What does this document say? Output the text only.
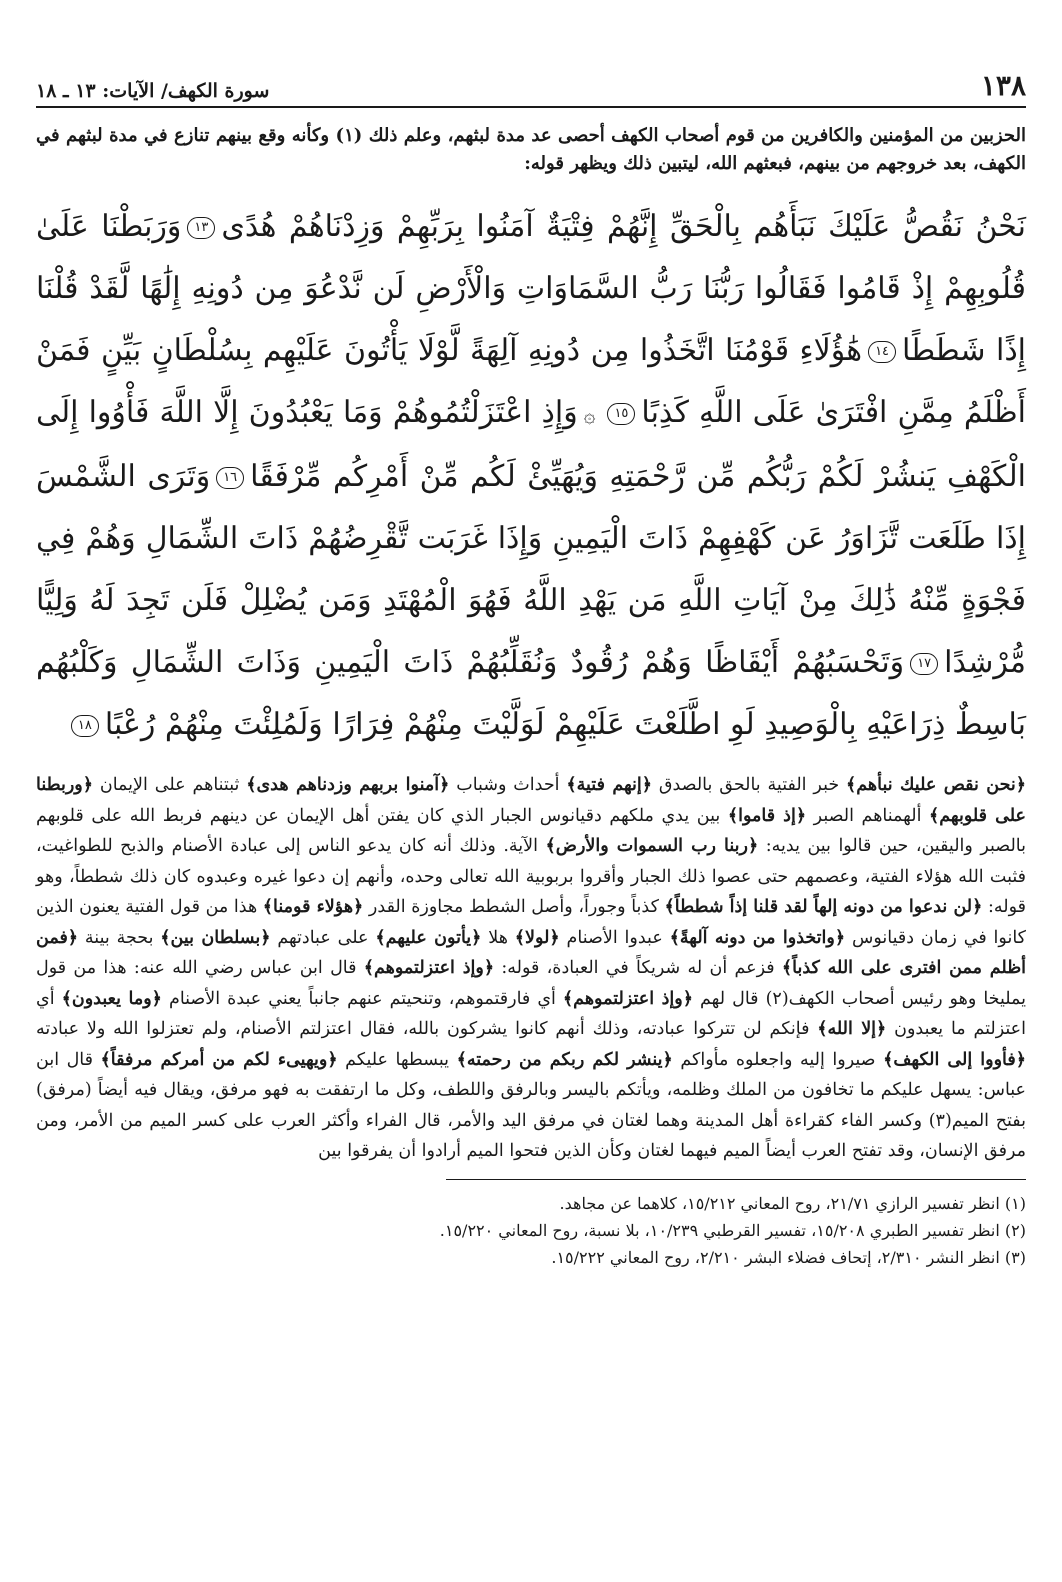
١٣٨
سورة الكهف/ الآيات: ١٣ ـ ١٨

الحزبين من المؤمنين والكافرين من قوم أصحاب الكهف أحصى عد مدة لبثهم، وعلم ذلك (١) وكأنه وقع بينهم تنازع في مدة لبثهم في الكهف، بعد خروجهم من بينهم، فبعثهم الله، ليتبين ذلك ويظهر قوله:

نَحْنُ نَقُصُّ عَلَيْكَ نَبَأَهُم بِالْحَقِّ إِنَّهُمْ فِتْيَةٌ آمَنُوا بِرَبِّهِمْ وَزِدْنَاهُمْ هُدًى١٣وَرَبَطْنَا عَلَىٰ قُلُوبِهِمْ إِذْ قَامُوا فَقَالُوا رَبُّنَا رَبُّ السَّمَاوَاتِ وَالْأَرْضِ لَن نَّدْعُوَ مِن دُونِهِ إِلَٰهًا لَّقَدْ قُلْنَا إِذًا شَطَطًا١٤هَٰؤُلَاءِ قَوْمُنَا اتَّخَذُوا مِن دُونِهِ آلِهَةً لَّوْلَا يَأْتُونَ عَلَيْهِم بِسُلْطَانٍ بَيِّنٍ فَمَنْ أَظْلَمُ مِمَّنِ افْتَرَىٰ عَلَى اللَّهِ كَذِبًا١٥۞وَإِذِ اعْتَزَلْتُمُوهُمْ وَمَا يَعْبُدُونَ إِلَّا اللَّهَ فَأْوُوا إِلَى الْكَهْفِ يَنشُرْ لَكُمْ رَبُّكُم مِّن رَّحْمَتِهِ وَيُهَيِّئْ لَكُم مِّنْ أَمْرِكُم مِّرْفَقًا١٦وَتَرَى الشَّمْسَ إِذَا طَلَعَت تَّزَاوَرُ عَن كَهْفِهِمْ ذَاتَ الْيَمِينِ وَإِذَا غَرَبَت تَّقْرِضُهُمْ ذَاتَ الشِّمَالِ وَهُمْ فِي فَجْوَةٍ مِّنْهُ ذَٰلِكَ مِنْ آيَاتِ اللَّهِ مَن يَهْدِ اللَّهُ فَهُوَ الْمُهْتَدِ وَمَن يُضْلِلْ فَلَن تَجِدَ لَهُ وَلِيًّا مُّرْشِدًا١٧وَتَحْسَبُهُمْ أَيْقَاظًا وَهُمْ رُقُودٌ وَنُقَلِّبُهُمْ ذَاتَ الْيَمِينِ وَذَاتَ الشِّمَالِ وَكَلْبُهُم بَاسِطٌ ذِرَاعَيْهِ بِالْوَصِيدِ لَوِ اطَّلَعْتَ عَلَيْهِمْ لَوَلَّيْتَ مِنْهُمْ فِرَارًا وَلَمُلِئْتَ مِنْهُمْ رُعْبًا١٨
﴿نحن نقص عليك نبأهم﴾ خبر الفتية بالحق بالصدق ﴿إنهم فتية﴾ أحداث وشباب ﴿آمنوا بربهم وزدناهم هدى﴾ ثبتناهم على الإيمان ﴿وربطنا على قلوبهم﴾ ألهمناهم الصبر ﴿إذ قاموا﴾ بين يدي ملكهم دقيانوس الجبار الذي كان يفتن أهل الإيمان عن دينهم فربط الله على قلوبهم بالصبر واليقين، حين قالوا بين يديه: ﴿ربنا رب السموات والأرض﴾ الآية. وذلك أنه كان يدعو الناس إلى عبادة الأصنام والذبح للطواغيت، فثبت الله هؤلاء الفتية، وعصمهم حتى عصوا ذلك الجبار وأقروا بربوبية الله تعالى وحده، وأنهم إن دعوا غيره وعبدوه كان ذلك شططاً، وهو قوله: ﴿لن ندعوا من دونه إلهاً لقد قلنا إذاً شططاً﴾ كذباً وجوراً، وأصل الشطط مجاوزة القدر ﴿هؤلاء قومنا﴾ هذا من قول الفتية يعنون الذين كانوا في زمان دقيانوس ﴿واتخذوا من دونه آلهةً﴾ عبدوا الأصنام ﴿لولا﴾ هلا ﴿يأتون عليهم﴾ على عبادتهم ﴿بسلطان بين﴾ بحجة بينة ﴿فمن أظلم ممن افترى على الله كذباً﴾ فزعم أن له شريكاً في العبادة، قوله: ﴿وإذ اعتزلتموهم﴾ قال ابن عباس رضي الله عنه: هذا من قول يمليخا وهو رئيس أصحاب الكهف(٢) قال لهم ﴿وإذ اعتزلتموهم﴾ أي فارقتموهم، وتنحيتم عنهم جانباً يعني عبدة الأصنام ﴿وما يعبدون﴾ أي اعتزلتم ما يعبدون ﴿إلا الله﴾ فإنكم لن تتركوا عبادته، وذلك أنهم كانوا يشركون بالله، فقال اعتزلتم الأصنام، ولم تعتزلوا الله ولا عبادته ﴿فأووا إلى الكهف﴾ صيروا إليه واجعلوه مأواكم ﴿ينشر لكم ربكم من رحمته﴾ يبسطها عليكم ﴿ويهيىء لكم من أمركم مرفقاً﴾ قال ابن عباس: يسهل عليكم ما تخافون من الملك وظلمه، ويأتكم باليسر وبالرفق واللطف، وكل ما ارتفقت به فهو مرفق، ويقال فيه أيضاً (مرفق) بفتح الميم(٣) وكسر الفاء كقراءة أهل المدينة وهما لغتان في مرفق اليد والأمر، قال الفراء وأكثر العرب على كسر الميم من الأمر، ومن مرفق الإنسان، وقد تفتح العرب أيضاً الميم فيهما لغتان وكأن الذين فتحوا الميم أرادوا أن يفرقوا بين
(١) انظر تفسير الرازي ٢١/٧١، روح المعاني ١٥/٢١٢، كلاهما عن مجاهد.
(٢) انظر تفسير الطبري ١٥/٢٠٨، تفسير القرطبي ١٠/٢٣٩، بلا نسبة، روح المعاني ١٥/٢٢٠.
(٣) انظر النشر ٢/٣١٠، إتحاف فضلاء البشر ٢/٢١٠، روح المعاني ١٥/٢٢٢.
